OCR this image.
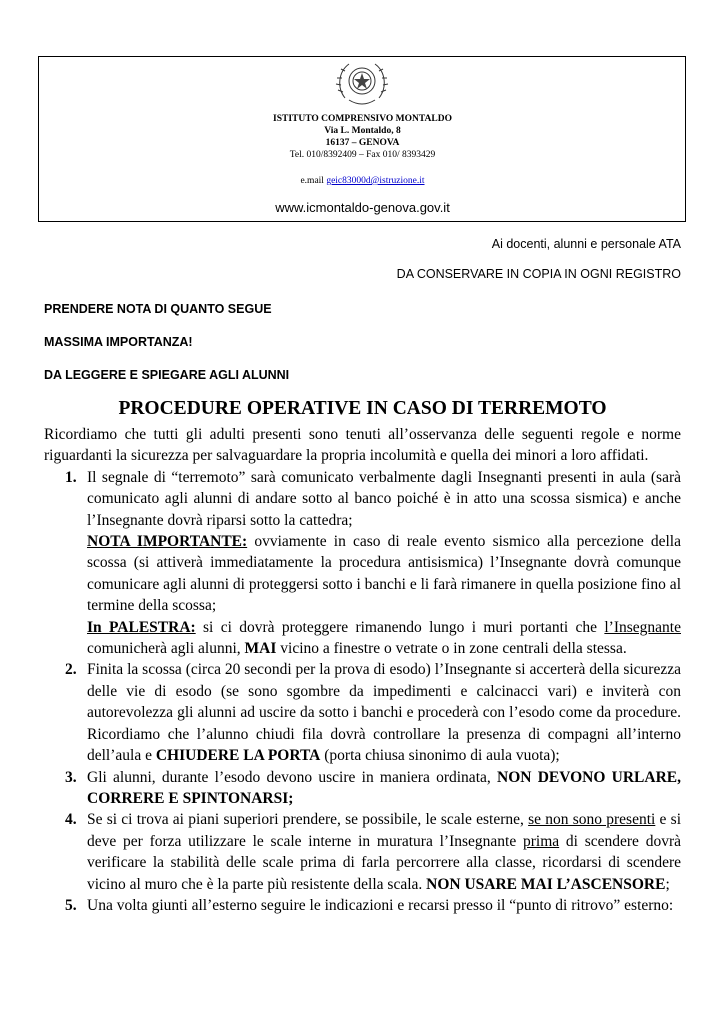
ISTITUTO COMPRENSIVO MONTALDO
Via L. Montaldo, 8
16137 – GENOVA
Tel. 010/8392409 – Fax 010/ 8393429
e.mail geic83000d@istruzione.it
www.icmontaldo-genova.gov.it
Ai docenti, alunni e personale ATA
DA CONSERVARE IN COPIA IN OGNI REGISTRO
PRENDERE NOTA DI QUANTO SEGUE
MASSIMA IMPORTANZA!
DA LEGGERE E SPIEGARE AGLI ALUNNI
PROCEDURE OPERATIVE IN CASO DI TERREMOTO

Ricordiamo che tutti gli adulti presenti sono tenuti all’osservanza delle seguenti regole e norme riguardanti la sicurezza per salvaguardare la propria incolumità e quella dei minori a loro affidati.

1. Il segnale di “terremoto” sarà comunicato verbalmente dagli Insegnanti presenti in aula (sarà comunicato agli alunni di andare sotto al banco poiché è in atto una scossa sismica) e anche l’Insegnante dovrà riparsi sotto la cattedra;
NOTA IMPORTANTE: ovviamente in caso di reale evento sismico alla percezione della scossa (si attiverà immediatamente la procedura antisismica) l’Insegnante dovrà comunque comunicare agli alunni di proteggersi sotto i banchi e li farà rimanere in quella posizione fino al termine della scossa;
In PALESTRA: si ci dovrà proteggere rimanendo lungo i muri portanti che l’Insegnante comunicherà agli alunni, MAI vicino a finestre o vetrate o in zone centrali della stessa.
2. Finita la scossa (circa 20 secondi per la prova di esodo) l’Insegnante si accerterà della sicurezza delle vie di esodo (se sono sgombre da impedimenti e calcinacci vari) e inviterà con autorevolezza gli alunni ad uscire da sotto i banchi e procederà con l’esodo come da procedure. Ricordiamo che l’alunno chiudi fila dovrà controllare la presenza di compagni all’interno dell’aula e CHIUDERE LA PORTA (porta chiusa sinonimo di aula vuota);
3. Gli alunni, durante l’esodo devono uscire in maniera ordinata, NON DEVONO URLARE, CORRERE E SPINTONARSI;
4. Se si ci trova ai piani superiori prendere, se possibile, le scale esterne, se non sono presenti e si deve per forza utilizzare le scale interne in muratura l’Insegnante prima di scendere dovrà verificare la stabilità delle scale prima di farla percorrere alla classe, ricordarsi di scendere vicino al muro che è la parte più resistente della scala. NON USARE MAI L’ASCENSORE;
5. Una volta giunti all’esterno seguire le indicazioni e recarsi presso il “punto di ritrovo” esterno:
